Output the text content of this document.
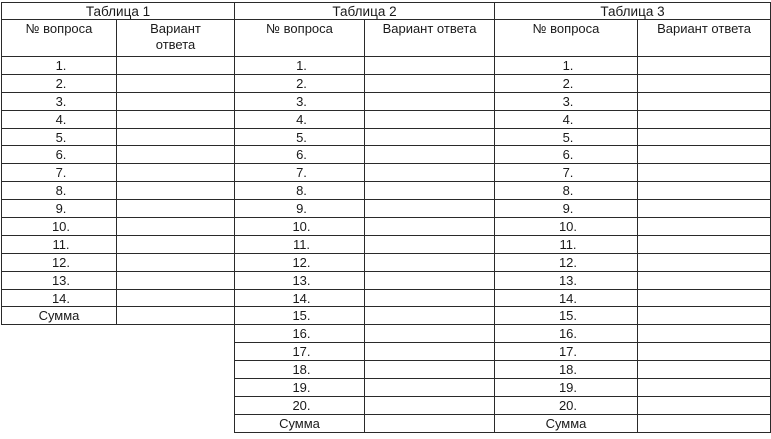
Таблица 1	
№ вопроса	Вариант ответа
1.	
2.	
3.	
4.	
5.	
6.	
7.	
8.	
9.	
10.	
11.	
12.	
13.	
14.	
Сумма	
Таблица 2	
№ вопроса	Вариант ответа
1.	
2.	
3.	
4.	
5.	
6.	
7.	
8.	
9.	
10.	
11.	
12.	
13.	
14.	
15.	
16.	
17.	
18.	
19.	
20.	
Сумма	
Таблица 3	
№ вопроса	Вариант ответа
1.	
2.	
3.	
4.	
5.	
6.	
7.	
8.	
9.	
10.	
11.	
12.	
13.	
14.	
15.	
16.	
17.	
18.	
19.	
20.	
Сумма	
